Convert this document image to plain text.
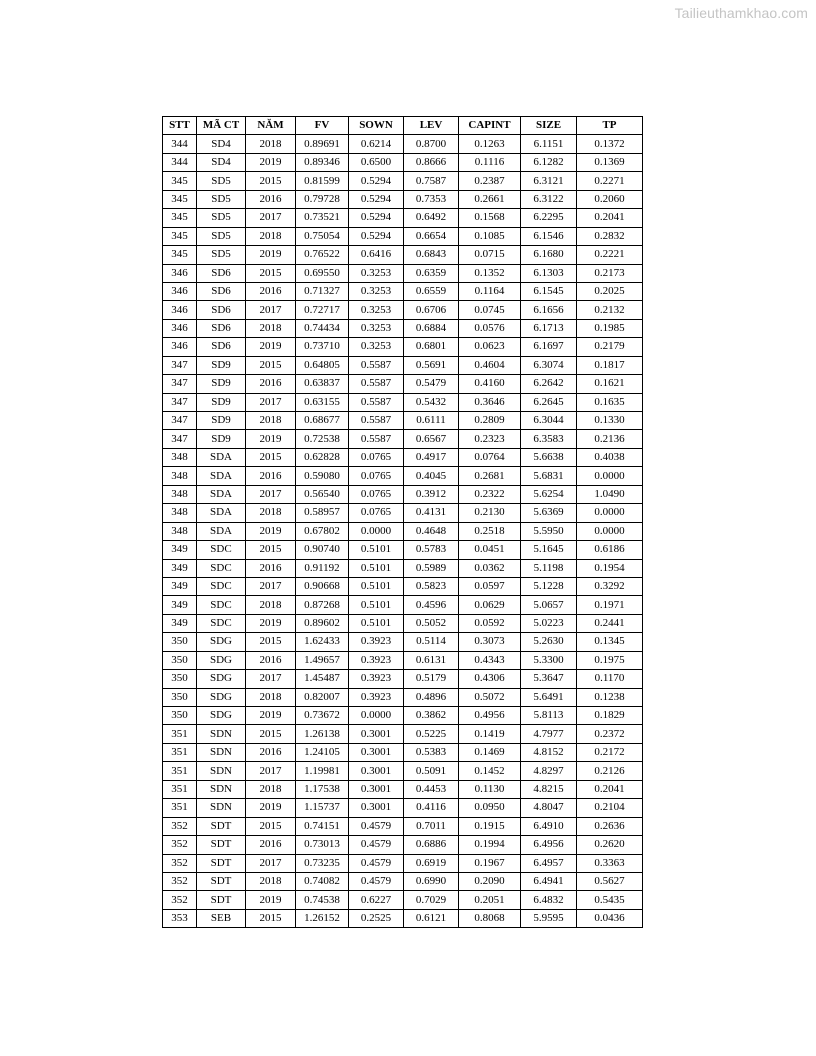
Tailieuthamkhao.com
STT	MÃ CT	NĂM	FV	SOWN	LEV	CAPINT	SIZE	TP
344	SD4	2018	0.89691	0.6214	0.8700	0.1263	6.1151	0.1372
344	SD4	2019	0.89346	0.6500	0.8666	0.1116	6.1282	0.1369
345	SD5	2015	0.81599	0.5294	0.7587	0.2387	6.3121	0.2271
345	SD5	2016	0.79728	0.5294	0.7353	0.2661	6.3122	0.2060
345	SD5	2017	0.73521	0.5294	0.6492	0.1568	6.2295	0.2041
345	SD5	2018	0.75054	0.5294	0.6654	0.1085	6.1546	0.2832
345	SD5	2019	0.76522	0.6416	0.6843	0.0715	6.1680	0.2221
346	SD6	2015	0.69550	0.3253	0.6359	0.1352	6.1303	0.2173
346	SD6	2016	0.71327	0.3253	0.6559	0.1164	6.1545	0.2025
346	SD6	2017	0.72717	0.3253	0.6706	0.0745	6.1656	0.2132
346	SD6	2018	0.74434	0.3253	0.6884	0.0576	6.1713	0.1985
346	SD6	2019	0.73710	0.3253	0.6801	0.0623	6.1697	0.2179
347	SD9	2015	0.64805	0.5587	0.5691	0.4604	6.3074	0.1817
347	SD9	2016	0.63837	0.5587	0.5479	0.4160	6.2642	0.1621
347	SD9	2017	0.63155	0.5587	0.5432	0.3646	6.2645	0.1635
347	SD9	2018	0.68677	0.5587	0.6111	0.2809	6.3044	0.1330
347	SD9	2019	0.72538	0.5587	0.6567	0.2323	6.3583	0.2136
348	SDA	2015	0.62828	0.0765	0.4917	0.0764	5.6638	0.4038
348	SDA	2016	0.59080	0.0765	0.4045	0.2681	5.6831	0.0000
348	SDA	2017	0.56540	0.0765	0.3912	0.2322	5.6254	1.0490
348	SDA	2018	0.58957	0.0765	0.4131	0.2130	5.6369	0.0000
348	SDA	2019	0.67802	0.0000	0.4648	0.2518	5.5950	0.0000
349	SDC	2015	0.90740	0.5101	0.5783	0.0451	5.1645	0.6186
349	SDC	2016	0.91192	0.5101	0.5989	0.0362	5.1198	0.1954
349	SDC	2017	0.90668	0.5101	0.5823	0.0597	5.1228	0.3292
349	SDC	2018	0.87268	0.5101	0.4596	0.0629	5.0657	0.1971
349	SDC	2019	0.89602	0.5101	0.5052	0.0592	5.0223	0.2441
350	SDG	2015	1.62433	0.3923	0.5114	0.3073	5.2630	0.1345
350	SDG	2016	1.49657	0.3923	0.6131	0.4343	5.3300	0.1975
350	SDG	2017	1.45487	0.3923	0.5179	0.4306	5.3647	0.1170
350	SDG	2018	0.82007	0.3923	0.4896	0.5072	5.6491	0.1238
350	SDG	2019	0.73672	0.0000	0.3862	0.4956	5.8113	0.1829
351	SDN	2015	1.26138	0.3001	0.5225	0.1419	4.7977	0.2372
351	SDN	2016	1.24105	0.3001	0.5383	0.1469	4.8152	0.2172
351	SDN	2017	1.19981	0.3001	0.5091	0.1452	4.8297	0.2126
351	SDN	2018	1.17538	0.3001	0.4453	0.1130	4.8215	0.2041
351	SDN	2019	1.15737	0.3001	0.4116	0.0950	4.8047	0.2104
352	SDT	2015	0.74151	0.4579	0.7011	0.1915	6.4910	0.2636
352	SDT	2016	0.73013	0.4579	0.6886	0.1994	6.4956	0.2620
352	SDT	2017	0.73235	0.4579	0.6919	0.1967	6.4957	0.3363
352	SDT	2018	0.74082	0.4579	0.6990	0.2090	6.4941	0.5627
352	SDT	2019	0.74538	0.6227	0.7029	0.2051	6.4832	0.5435
353	SEB	2015	1.26152	0.2525	0.6121	0.8068	5.9595	0.0436
